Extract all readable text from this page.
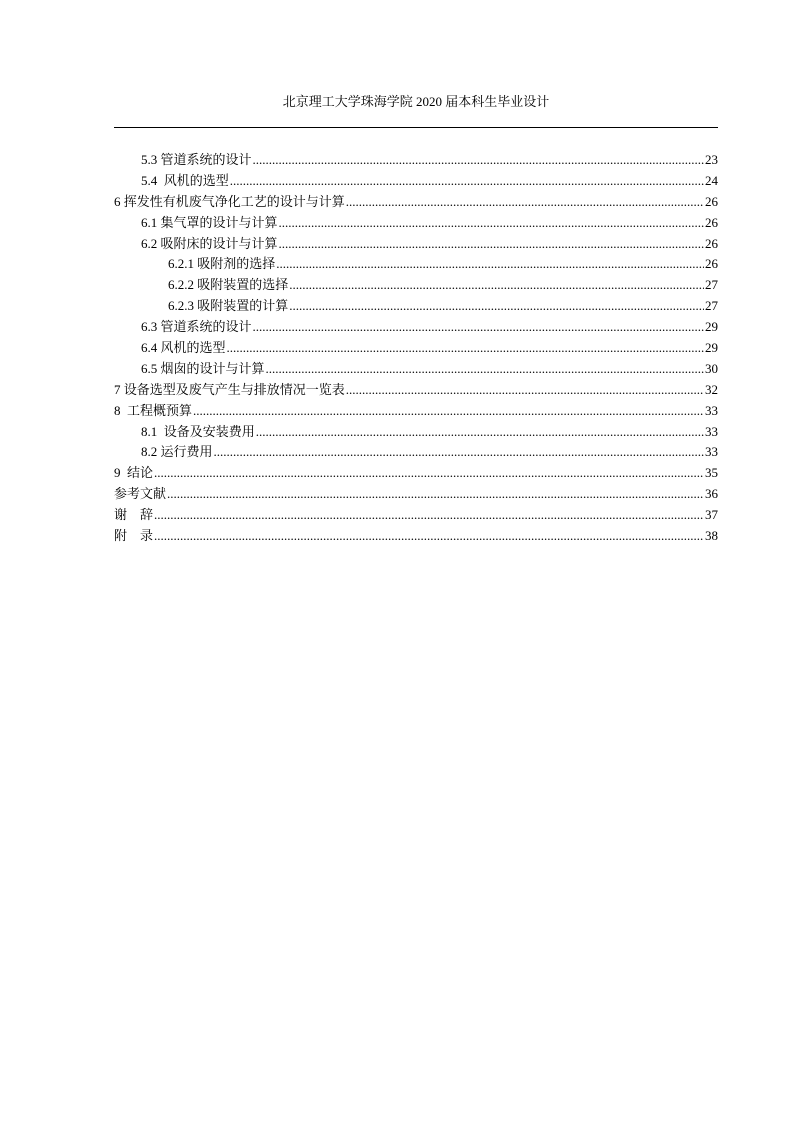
北京理工大学珠海学院 2020 届本科生毕业设计
5.3 管道系统的设计 .....	23
5.4  风机的选型 .....	24
6 挥发性有机废气净化工艺的设计与计算 .....	26
6.1 集气罩的设计与计算 .....	26
6.2 吸附床的设计与计算 .....	26
6.2.1 吸附剂的选择 .....	26
6.2.2 吸附装置的选择 .....	27
6.2.3 吸附装置的计算 .....	27
6.3 管道系统的设计 .....	29
6.4 风机的选型 .....	29
6.5 烟囱的设计与计算 .....	30
7 设备选型及废气产生与排放情况一览表 .....	32
8  工程概预算 .....	33
8.1  设备及安装费用 .....	33
8.2 运行费用 .....	33
9  结论 .....	35
参考文献 .....	36
谢    辞 .....	37
附    录 .....	38
